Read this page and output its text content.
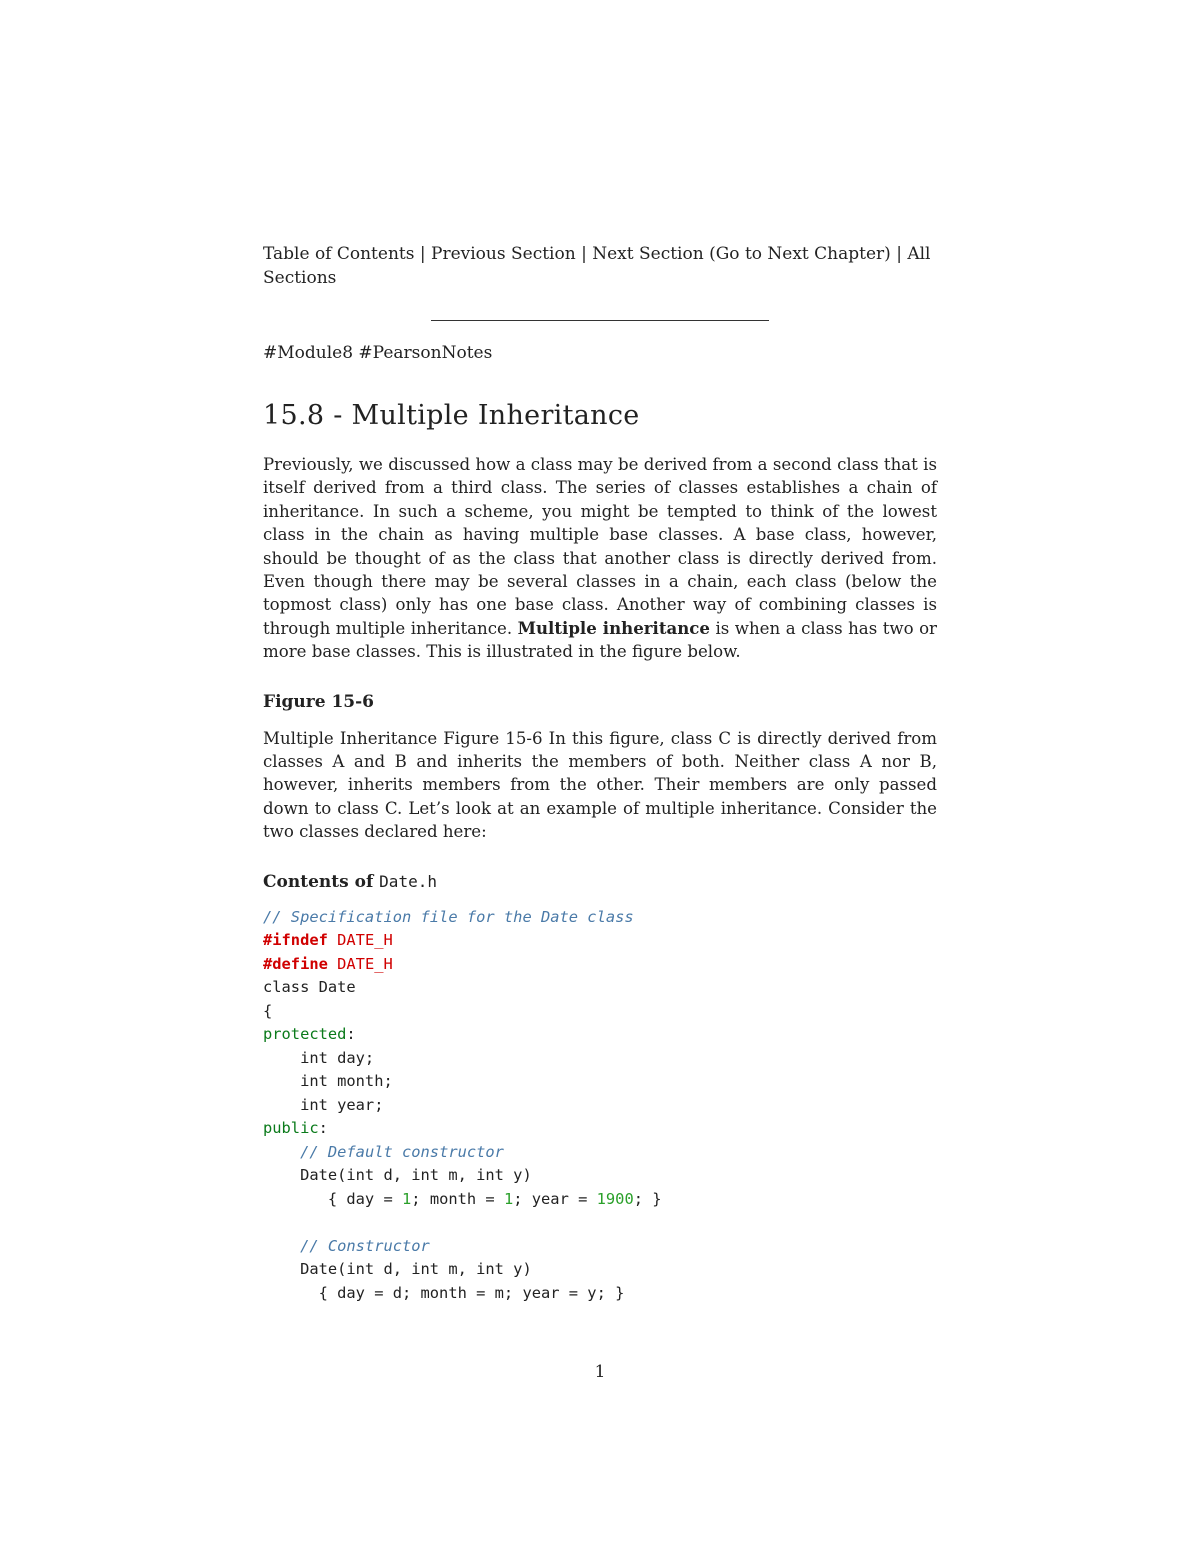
Table of Contents | Previous Section | Next Section (Go to Next Chapter) | All Sections

#Module8 #PearsonNotes

15.8 - Multiple Inheritance

Previously, we discussed how a class may be derived from a second class that is itself derived from a third class. The series of classes establishes a chain of inheritance. In such a scheme, you might be tempted to think of the lowest class in the chain as having multiple base classes. A base class, however, should be thought of as the class that another class is directly derived from. Even though there may be several classes in a chain, each class (below the topmost class) only has one base class. Another way of combining classes is through multiple inheritance. Multiple inheritance is when a class has two or more base classes. This is illustrated in the figure below.

Figure 15-6

Multiple Inheritance Figure 15-6 In this figure, class C is directly derived from classes A and B and inherits the members of both. Neither class A nor B, however, inherits members from the other. Their members are only passed down to class C. Let’s look at an example of multiple inheritance. Consider the two classes declared here:

Contents of Date.h

// Specification file for the Date class
#ifndef DATE_H
#define DATE_H
class Date
{
protected:
int day;
int month;
int year;
public:
// Default constructor
Date(int d, int m, int y)
{ day = 1; month = 1; year = 1900; }

// Constructor
Date(int d, int m, int y)
{ day = d; month = m; year = y; }
1
